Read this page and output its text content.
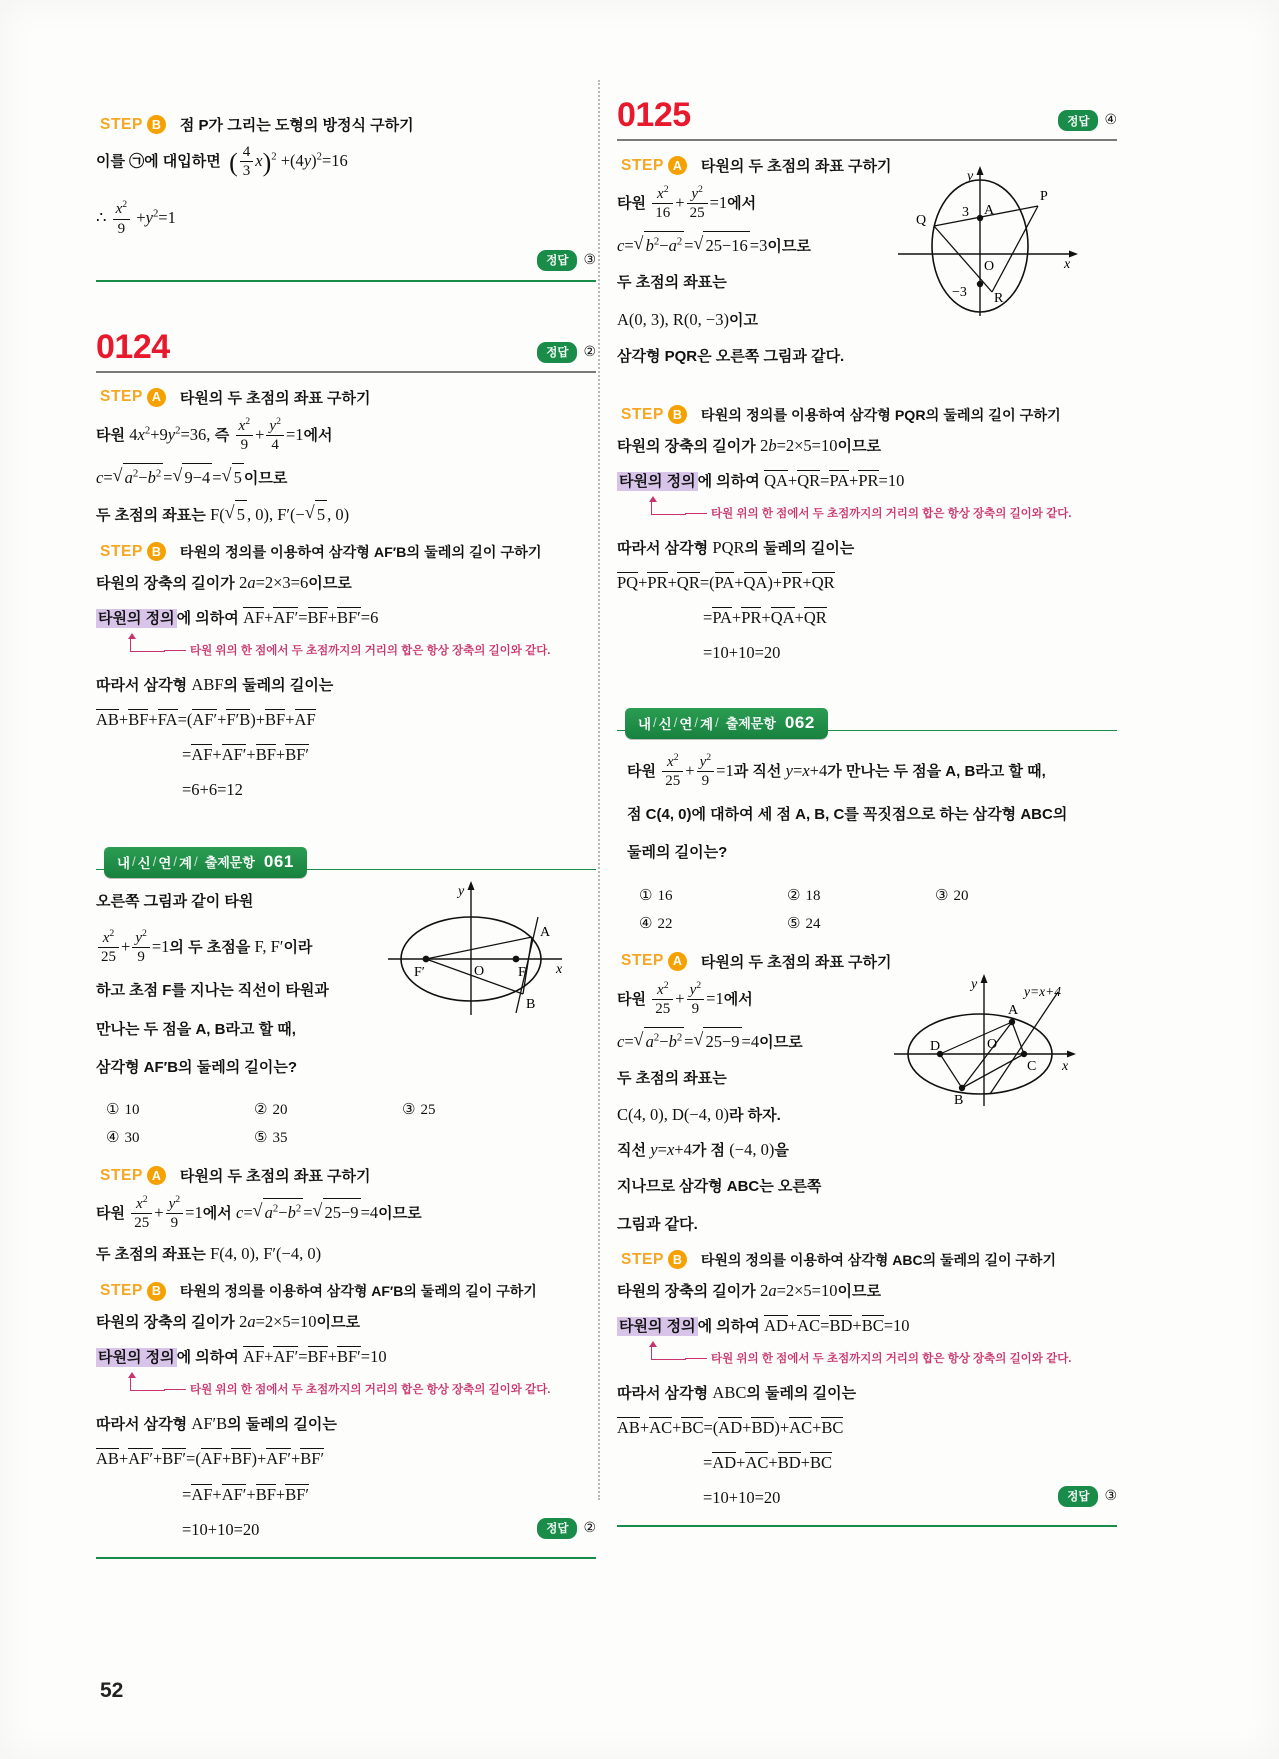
STEP B	점 P가 그리는 도형의 방정식 구하기

이를 ㉠에 대입하면 ( $\frac{4}{3} x)^2 +(4y)^2=16$

∴ $\frac{x^2}{9} +y^2=1$

정답	③
0124	정답	②
STEP A	타원의 두 초점의 좌표 구하기

타원 $4x^2+9y^2=36$, 즉 $\frac{x^2}{9} + \frac{y^2}{4} =1$에서

c= √ $a^2-b^2$ = √ 9−4 = √ 5 이므로

두 초점의 좌표는 F( √ 5 , 0), F′(− √ 5 , 0)

STEP B	타원의 정의를 이용하여 삼각형 AF′B의 둘레의 길이 구하기

타원의 장축의 길이가 2a=2×3=6이므로

타원의 정의 에 의하여 AF+AF′=BF+BF′=6

타원 위의 한 점에서 두 초점까지의 거리의 합은 항상 장축의 길이와 같다.

따라서 삼각형 ABF의 둘레의 길이는

AB+BF+FA=(AF′+F′B)+BF+AF

=AF+AF′+BF+BF′

=6+6=12

내 / 신 / 연 / 계 / 출제문항 061

오른쪽 그림과 같이 타원

$\frac{x^2}{25} + \frac{y^2}{9} =1$의 두 초점을 F, F′이라

하고 초점 F를 지나는 직선이 타원과

만나는 두 점을 A, B라고 할 때,

삼각형 AF′B의 둘레의 길이는?

F′	O F
A
B
y
x
① 10	② 20	③ 25
④ 30	⑤ 35
STEP A	타원의 두 초점의 좌표 구하기

타원 $\frac{x^2}{25} + \frac{y^2}{9} =1$에서 c= √ $a^2-b^2$ = √ 25−9 =4이므로

두 초점의 좌표는 F(4, 0), F′(−4, 0)

STEP B	타원의 정의를 이용하여 삼각형 AF′B의 둘레의 길이 구하기

타원의 장축의 길이가 2a=2×5=10이므로

타원의 정의 에 의하여 AF+AF′=BF+BF′=10

타원 위의 한 점에서 두 초점까지의 거리의 합은 항상 장축의 길이와 같다.

따라서 삼각형 AF′B의 둘레의 길이는

AB+AF′+BF′=(AF+BF)+AF′+BF′

=AF+AF′+BF+BF′

=10+10=20	정답	②
0125	정답	④
STEP A	타원의 두 초점의 좌표 구하기

타원 $\frac{x^2}{16} + \frac{y^2}{25} =1$에서

c= √ $b^2-a^2$ = √ 25−16 =3이므로

두 초점의 좌표는

A(0, 3), R(0, −3)이고

삼각형 PQR은 오른쪽 그림과 같다.

y
P
Q
3 A
O	x
−3 R
STEP B	타원의 정의를 이용하여 삼각형 PQR의 둘레의 길이 구하기

타원의 장축의 길이가 2b=2×5=10이므로

타원의 정의 에 의하여 QA+QR=PA+PR=10

타원 위의 한 점에서 두 초점까지의 거리의 합은 항상 장축의 길이와 같다.

따라서 삼각형 PQR의 둘레의 길이는

PQ+PR+QR=(PA+QA)+PR+QR

=PA+PR+QA+QR

=10+10=20

내 / 신 / 연 / 계 / 출제문항 062

타원 $\frac{x^2}{25} + \frac{y^2}{9} =1$과 직선 y=x+4가 만나는 두 점을 A, B라고 할 때,

점 C(4, 0)에 대하여 세 점 A, B, C를 꼭짓점으로 하는 삼각형 ABC의

둘레의 길이는?

① 16	② 18	③ 20
④ 22	⑤ 24
STEP A	타원의 두 초점의 좌표 구하기

타원 $\frac{x^2}{25} + \frac{y^2}{9} =1$에서

c= √ $a^2-b^2$ = √ 25−9 =4이므로

두 초점의 좌표는

C(4, 0), D(−4, 0)라 하자.

직선 y=x+4가 점 (−4, 0)을

지나므로 삼각형 ABC는 오른쪽

그림과 같다.

y
A
D	O
B
C x
y=x+4
STEP B	타원의 정의를 이용하여 삼각형 ABC의 둘레의 길이 구하기

타원의 장축의 길이가 2a=2×5=10이므로

타원의 정의 에 의하여 AD+AC=BD+BC=10

타원 위의 한 점에서 두 초점까지의 거리의 합은 항상 장축의 길이와 같다.

따라서 삼각형 ABC의 둘레의 길이는

AB+AC+BC=(AD+BD)+AC+BC

=AD+AC+BD+BC

=10+10=20	정답	③
52
